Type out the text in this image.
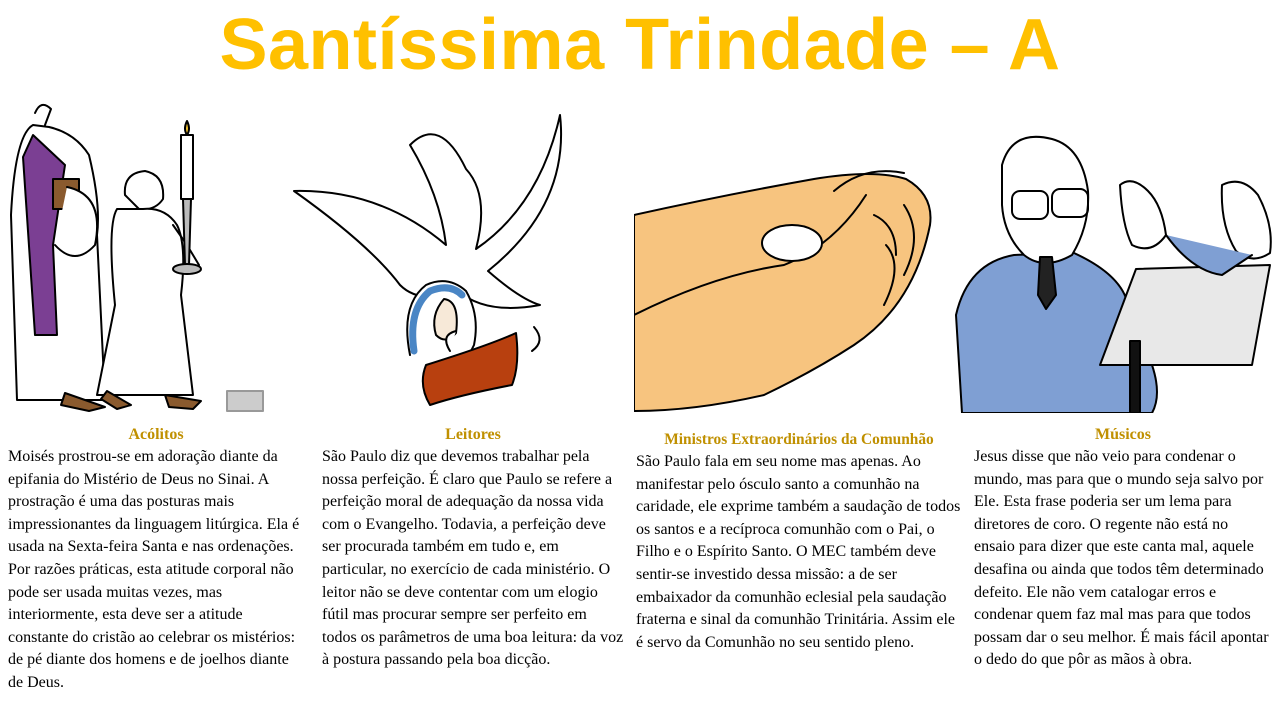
Santíssima Trindade – A
Acólitos

Moisés prostrou-se em adoração diante da epifania do Mistério de Deus no Sinai. A prostração é uma das posturas mais impressionantes da linguagem litúrgica. Ela é usada na Sexta-feira Santa e nas ordenações. Por razões práticas, esta atitude corporal não pode ser usada muitas vezes, mas interiormente, esta deve ser a atitude constante do cristão ao celebrar os mistérios: de pé diante dos homens e de joelhos diante de Deus.

Leitores

São Paulo diz que devemos trabalhar pela nossa perfeição. É claro que Paulo se refere a perfeição moral de adequação da nossa vida com o Evangelho. Todavia, a perfeição deve ser procurada também em tudo e, em particular, no exercício de cada ministério. O leitor não se deve contentar com um elogio fútil mas procurar sempre ser perfeito em todos os parâmetros de uma boa leitura: da voz à postura passando pela boa dicção.

Ministros Extraordinários da Comunhão

São Paulo fala em seu nome mas apenas. Ao manifestar pelo ósculo santo a comunhão na caridade, ele exprime também a saudação de todos os santos e a recíproca comunhão com o Pai, o Filho e o Espírito Santo. O MEC também deve sentir-se investido dessa missão: a de ser embaixador da comunhão eclesial pela saudação fraterna e sinal da comunhão Trinitária. Assim ele é servo da Comunhão no seu sentido pleno.

Músicos

Jesus disse que não veio para condenar o mundo, mas para que o mundo seja salvo por Ele. Esta frase poderia ser um lema para diretores de coro. O regente não está no ensaio para dizer que este canta mal, aquele desafina ou ainda que todos têm determinado defeito. Ele não vem catalogar erros e condenar quem faz mal mas para que todos possam dar o seu melhor. É mais fácil apontar o dedo do que pôr as mãos à obra.
